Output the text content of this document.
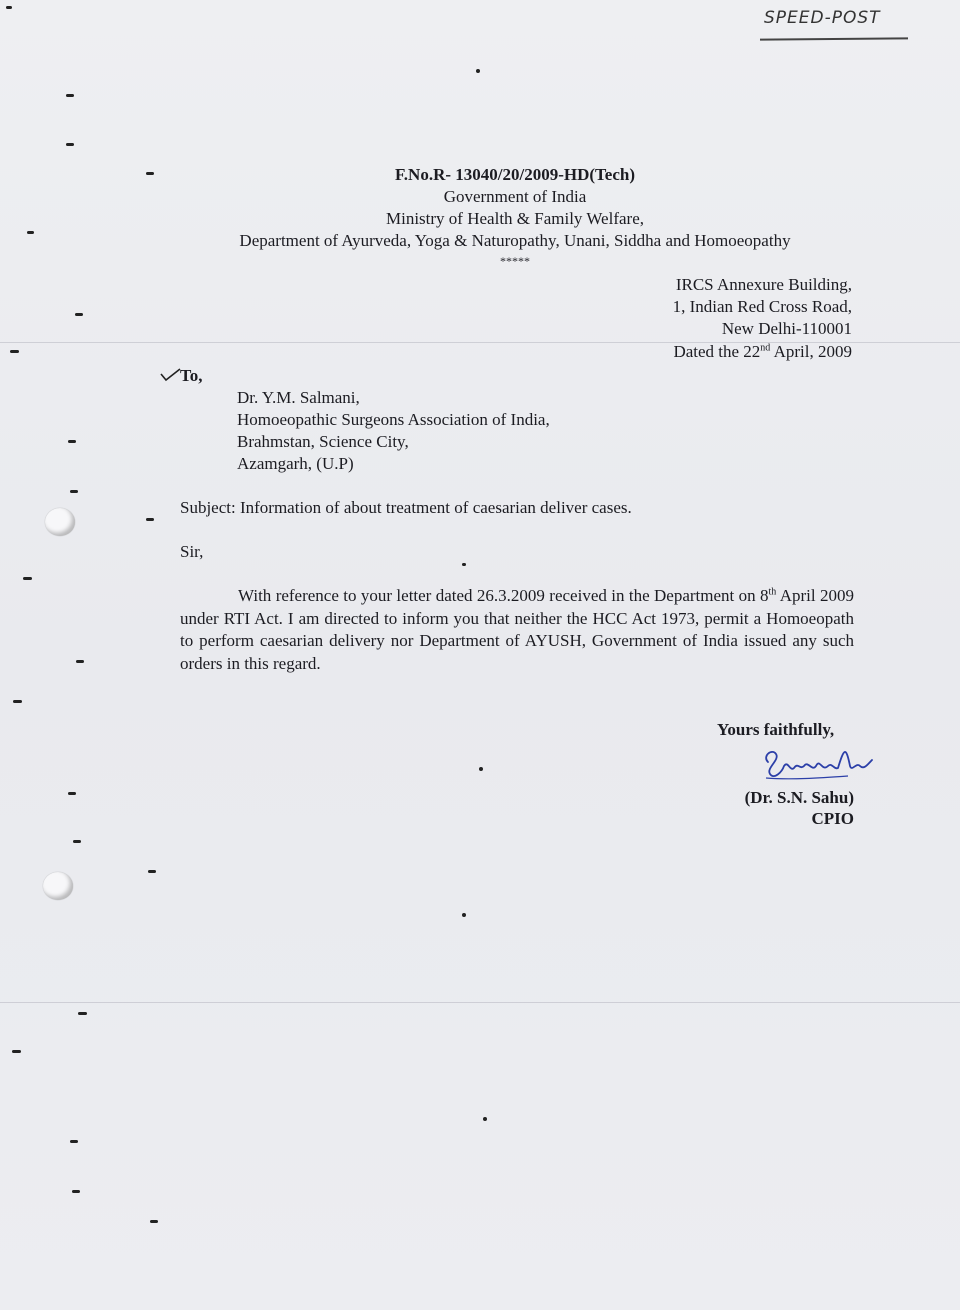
SPEED-POST
F.No.R- 13040/20/2009-HD(Tech)
Government of India
Ministry of Health & Family Welfare,
Department of Ayurveda, Yoga & Naturopathy, Unani, Siddha and Homoeopathy
*****
IRCS Annexure Building,
1, Indian Red Cross Road,
New Delhi-110001
Dated the 22nd April, 2009
To,
Dr. Y.M. Salmani,
Homoeopathic Surgeons Association of India,
Brahmstan, Science City,
Azamgarh, (U.P)
Subject: Information of about treatment of caesarian deliver cases.
Sir,
With reference to your letter dated 26.3.2009 received in the Department on 8th April 2009 under RTI Act. I am directed to inform you that neither the HCC Act 1973, permit a Homoeopath to perform caesarian delivery nor Department of AYUSH, Government of India issued any such orders in this regard.
Yours faithfully,
(Dr. S.N. Sahu)
CPIO
